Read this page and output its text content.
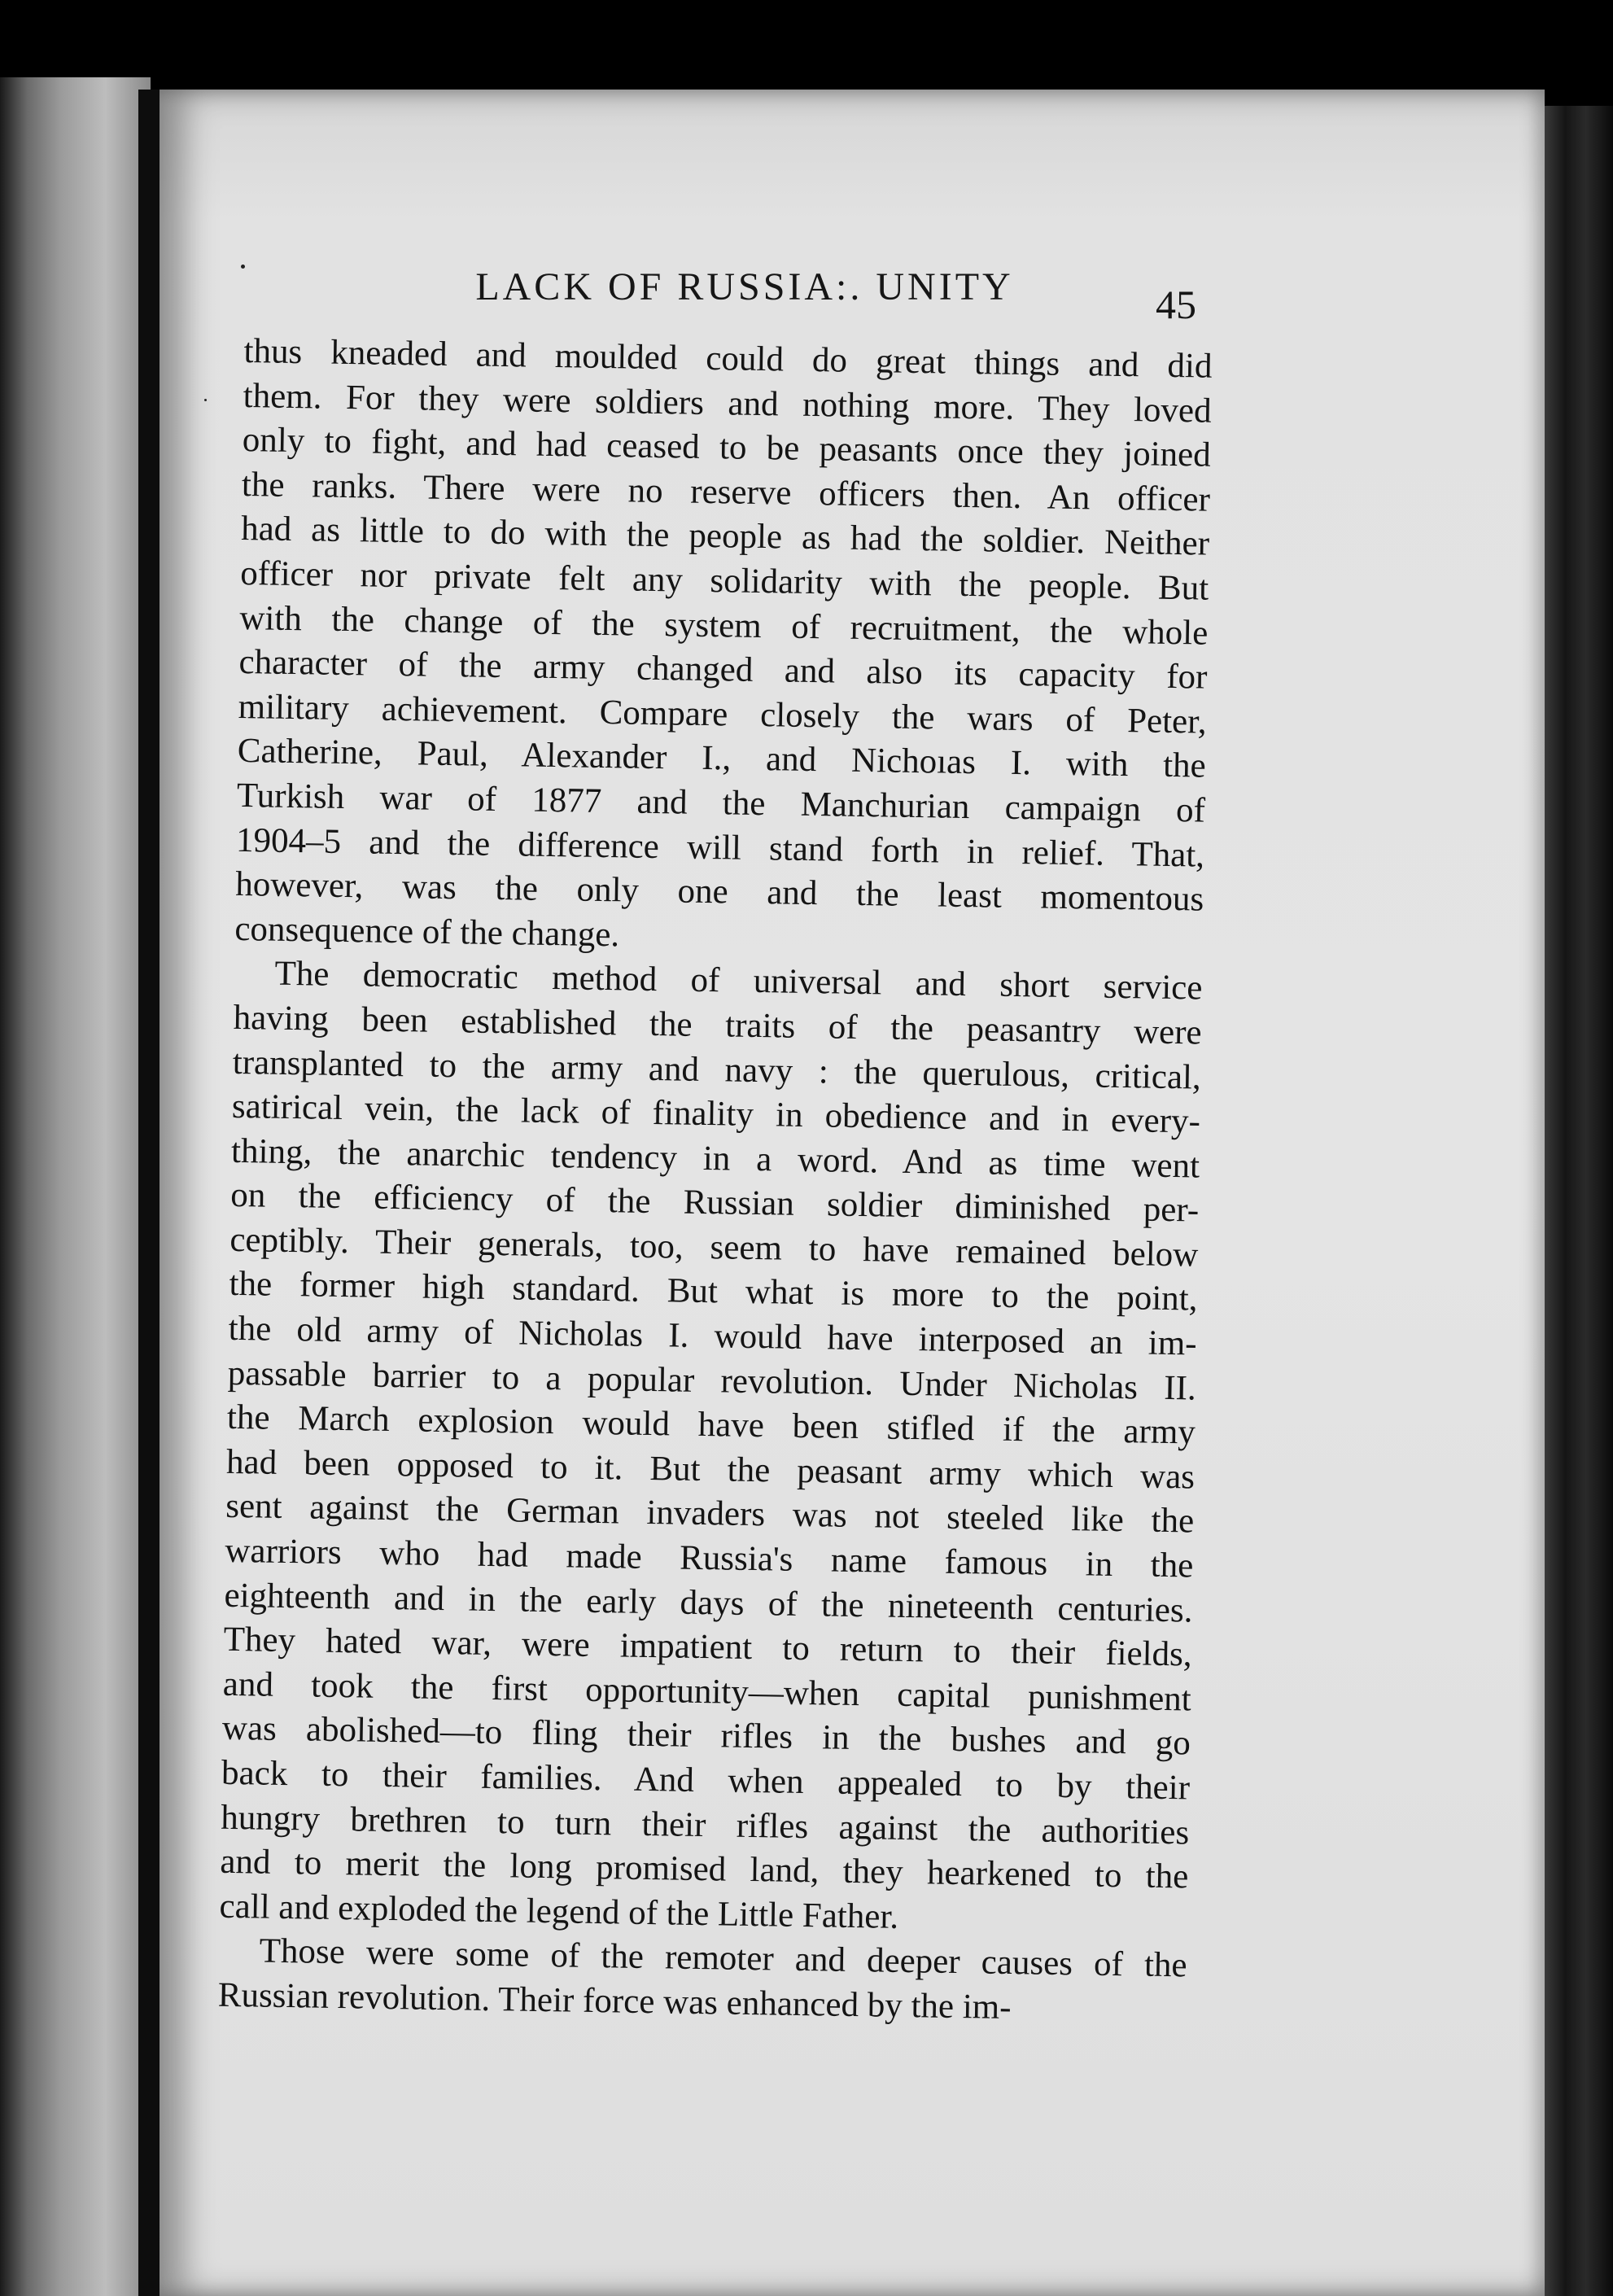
LACK OF RUSSIA:. UNITY	45
thus kneaded and moulded could do great things and did
them. For they were soldiers and nothing more. They loved
only to fight, and had ceased to be peasants once they joined
the ranks. There were no reserve officers then. An officer
had as little to do with the people as had the soldier. Neither
officer nor private felt any solidarity with the people. But
with the change of the system of recruitment, the whole
character of the army changed and also its capacity for
military achievement. Compare closely the wars of Peter,
Catherine, Paul, Alexander I., and Nichoıas I. with the
Turkish war of 1877 and the Manchurian campaign of
1904–5 and the difference will stand forth in relief. That,
however, was the only one and the least momentous
consequence of the change.
The democratic method of universal and short service
having been established the traits of the peasantry were
transplanted to the army and navy : the querulous, critical,
satirical vein, the lack of finality in obedience and in every-
thing, the anarchic tendency in a word. And as time went
on the efficiency of the Russian soldier diminished per-
ceptibly. Their generals, too, seem to have remained below
the former high standard. But what is more to the point,
the old army of Nicholas I. would have interposed an im-
passable barrier to a popular revolution. Under Nicholas II.
the March explosion would have been stifled if the army
had been opposed to it. But the peasant army which was
sent against the German invaders was not steeled like the
warriors who had made Russia's name famous in the
eighteenth and in the early days of the nineteenth centuries.
They hated war, were impatient to return to their fields,
and took the first opportunity—when capital punishment
was abolished—to fling their rifles in the bushes and go
back to their families. And when appealed to by their
hungry brethren to turn their rifles against the authorities
and to merit the long promised land, they hearkened to the
call and exploded the legend of the Little Father.
Those were some of the remoter and deeper causes of the
Russian revolution. Their force was enhanced by the im-
